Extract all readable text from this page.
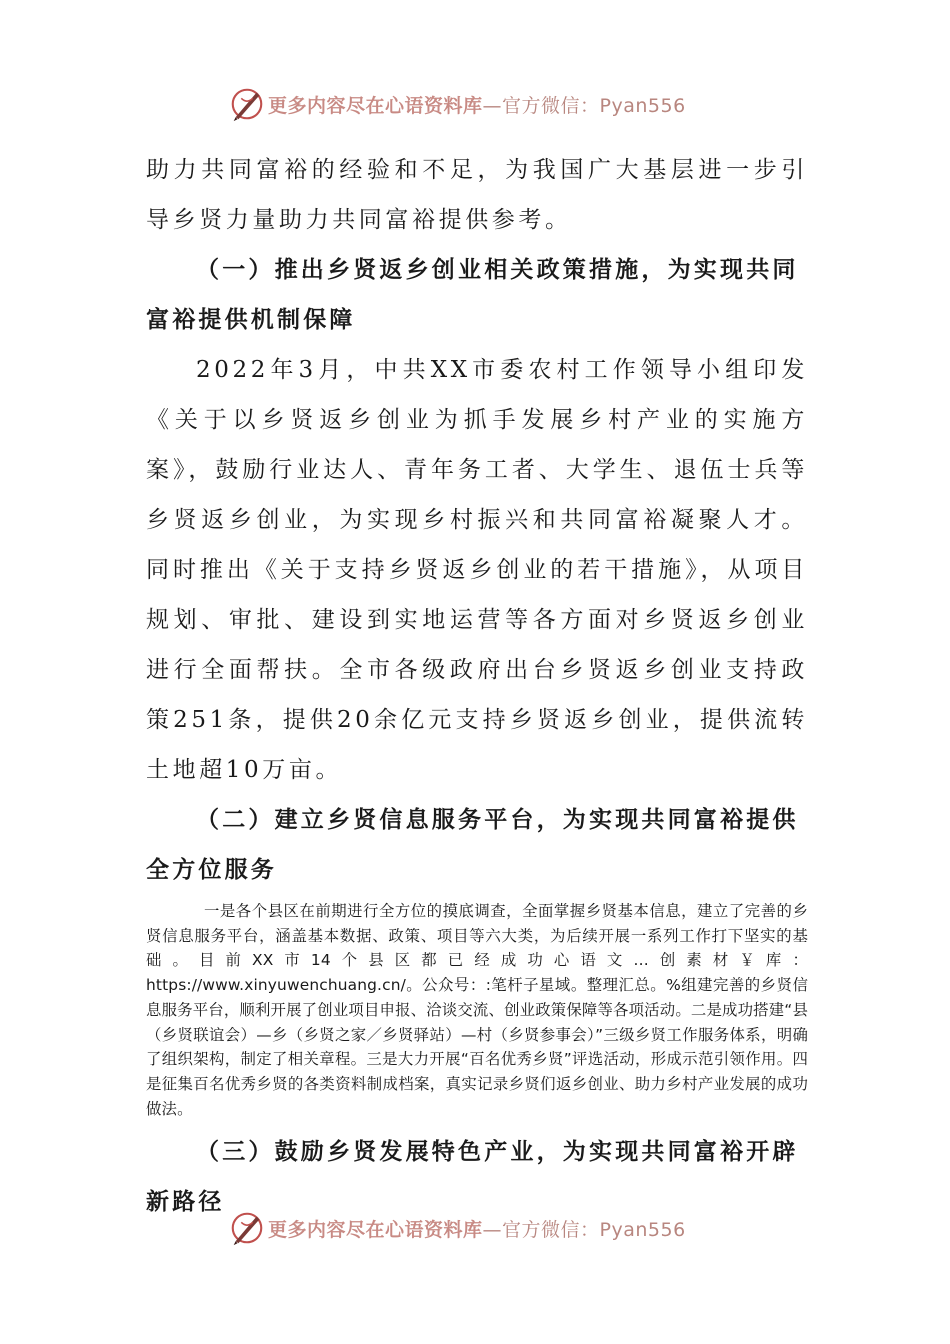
更多内容尽在心语资料库—官方微信：Pyan556

助力共同富裕的经验和不足，为我国广大基层进一步引导乡贤力量助力共同富裕提供参考。

（一）推出乡贤返乡创业相关政策措施，为实现共同富裕提供机制保障

2022年3月，中共XX市委农村工作领导小组印发《关于以乡贤返乡创业为抓手发展乡村产业的实施方案》，鼓励行业达人、青年务工者、大学生、退伍士兵等乡贤返乡创业，为实现乡村振兴和共同富裕凝聚人才。同时推出《关于支持乡贤返乡创业的若干措施》，从项目规划、审批、建设到实地运营等各方面对乡贤返乡创业进行全面帮扶。全市各级政府出台乡贤返乡创业支持政策251条，提供20余亿元支持乡贤返乡创业，提供流转土地超10万亩。

（二）建立乡贤信息服务平台，为实现共同富裕提供全方位服务

一是各个县区在前期进行全方位的摸底调查，全面掌握乡贤基本信息，建立了完善的乡贤信息服务平台，涵盖基本数据、政策、项目等六大类，为后续开展一系列工作打下坚实的基础。目前XX市14个县区都已经成功心语文…创素材￥库：https://www.xinyuwenchuang.cn/。公众号：:笔杆子星域。整理汇总。%组建完善的乡贤信息服务平台，顺利开展了创业项目申报、洽谈交流、创业政策保障等各项活动。二是成功搭建“县（乡贤联谊会）—乡（乡贤之家／乡贤驿站）—村（乡贤参事会）”三级乡贤工作服务体系，明确了组织架构，制定了相关章程。三是大力开展“百名优秀乡贤”评选活动，形成示范引领作用。四是征集百名优秀乡贤的各类资料制成档案，真实记录乡贤们返乡创业、助力乡村产业发展的成功做法。

（三）鼓励乡贤发展特色产业，为实现共同富裕开辟新路径

更多内容尽在心语资料库—官方微信：Pyan556
